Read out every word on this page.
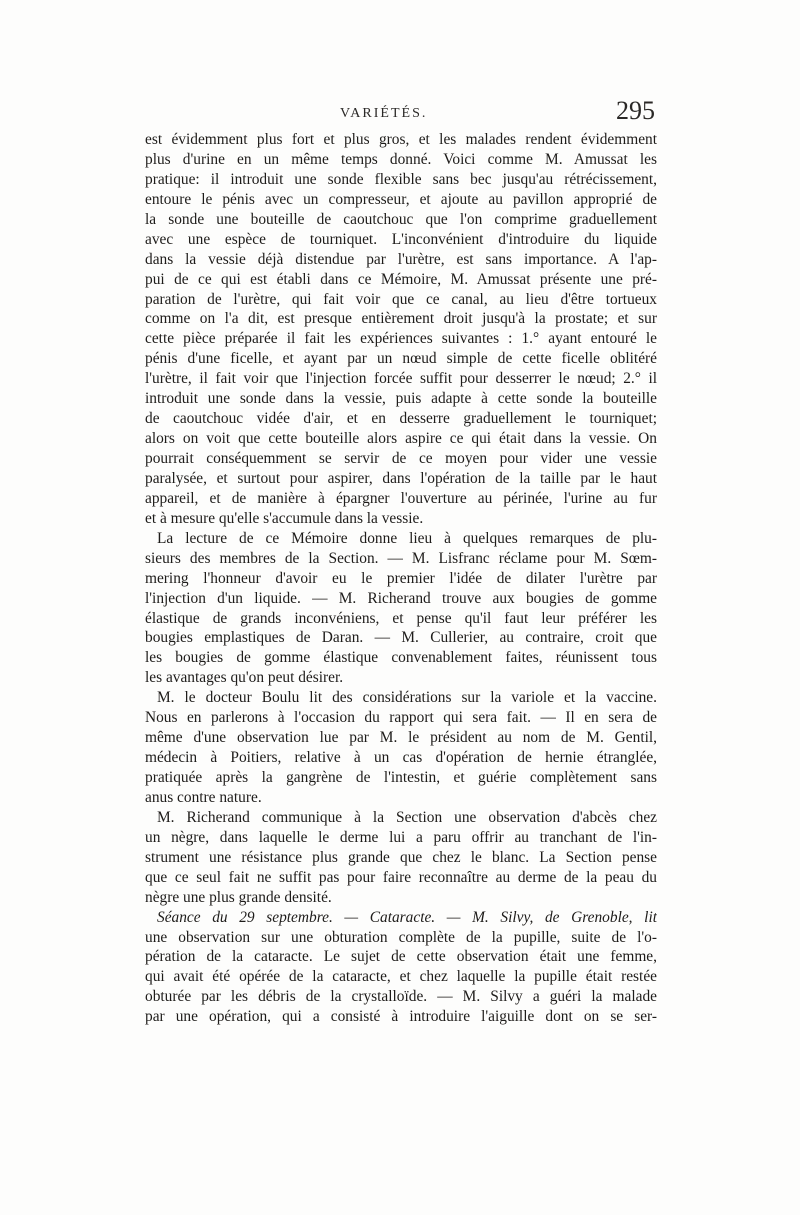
VARIÉTÉS.	295
est évidemment plus fort et plus gros, et les malades rendent évidemment
plus d'urine en un même temps donné. Voici comme M. Amussat les
pratique: il introduit une sonde flexible sans bec jusqu'au rétrécissement,
entoure le pénis avec un compresseur, et ajoute au pavillon approprié de
la sonde une bouteille de caoutchouc que l'on comprime graduellement
avec une espèce de tourniquet. L'inconvénient d'introduire du liquide
dans la vessie déjà distendue par l'urètre, est sans importance. A l'ap-
pui de ce qui est établi dans ce Mémoire, M. Amussat présente une pré-
paration de l'urètre, qui fait voir que ce canal, au lieu d'être tortueux
comme on l'a dit, est presque entièrement droit jusqu'à la prostate; et sur
cette pièce préparée il fait les expériences suivantes : 1.° ayant entouré le
pénis d'une ficelle, et ayant par un nœud simple de cette ficelle oblitéré
l'urètre, il fait voir que l'injection forcée suffit pour desserrer le nœud; 2.° il
introduit une sonde dans la vessie, puis adapte à cette sonde la bouteille
de caoutchouc vidée d'air, et en desserre graduellement le tourniquet;
alors on voit que cette bouteille alors aspire ce qui était dans la vessie. On
pourrait conséquemment se servir de ce moyen pour vider une vessie
paralysée, et surtout pour aspirer, dans l'opération de la taille par le haut
appareil, et de manière à épargner l'ouverture au périnée, l'urine au fur
et à mesure qu'elle s'accumule dans la vessie.
La lecture de ce Mémoire donne lieu à quelques remarques de plu-
sieurs des membres de la Section. — M. Lisfranc réclame pour M. Sœm-
mering l'honneur d'avoir eu le premier l'idée de dilater l'urètre par
l'injection d'un liquide. — M. Richerand trouve aux bougies de gomme
élastique de grands inconvéniens, et pense qu'il faut leur préférer les
bougies emplastiques de Daran. — M. Cullerier, au contraire, croit que
les bougies de gomme élastique convenablement faites, réunissent tous
les avantages qu'on peut désirer.
M. le docteur Boulu lit des considérations sur la variole et la vaccine.
Nous en parlerons à l'occasion du rapport qui sera fait. — Il en sera de
même d'une observation lue par M. le président au nom de M. Gentil,
médecin à Poitiers, relative à un cas d'opération de hernie étranglée,
pratiquée après la gangrène de l'intestin, et guérie complètement sans
anus contre nature.
M. Richerand communique à la Section une observation d'abcès chez
un nègre, dans laquelle le derme lui a paru offrir au tranchant de l'in-
strument une résistance plus grande que chez le blanc. La Section pense
que ce seul fait ne suffit pas pour faire reconnaître au derme de la peau du
nègre une plus grande densité.
Séance du 29 septembre. — Cataracte. — M. Silvy, de Grenoble, lit
une observation sur une obturation complète de la pupille, suite de l'o-
pération de la cataracte. Le sujet de cette observation était une femme,
qui avait été opérée de la cataracte, et chez laquelle la pupille était restée
obturée par les débris de la crystalloïde. — M. Silvy a guéri la malade
par une opération, qui a consisté à introduire l'aiguille dont on se ser-
